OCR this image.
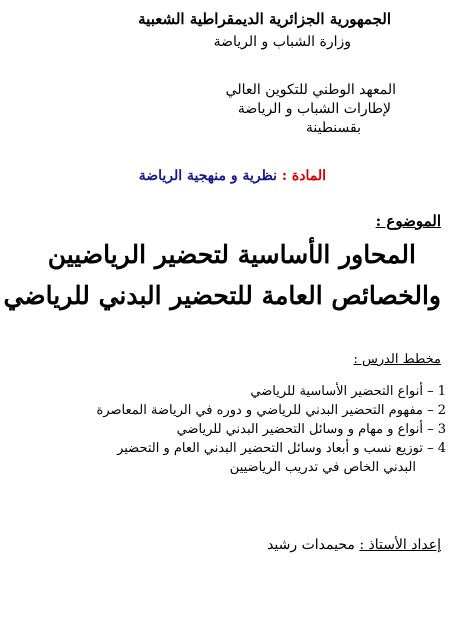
الجمهورية الجزائرية الديمقراطية الشعبية
وزارة الشباب و الرياضة
المعهد الوطني للتكوين العالي
لإطارات الشباب و الرياضة
بقسنطينة
المادة : نظرية و منهجية الرياضة
الموضوع :
المحاور الأساسية لتحضير الرياضيين
والخصائص العامة للتحضير البدني للرياضي
مخطط الدرس :
1 – أنواع التحضير الأساسية للرياضي
2 – مفهوم التحضير البدني للرياضي و دوره في الرياضة المعاصرة
3 – أنواع و مهام و وسائل التحضير البدني للرياضي
4 – توزيع نسب و أبعاد وسائل التحضير البدني العام و التحضير
البدني الخاص في تدريب الرياضيين
إعداد الأستاذ : محيمدات رشيد
